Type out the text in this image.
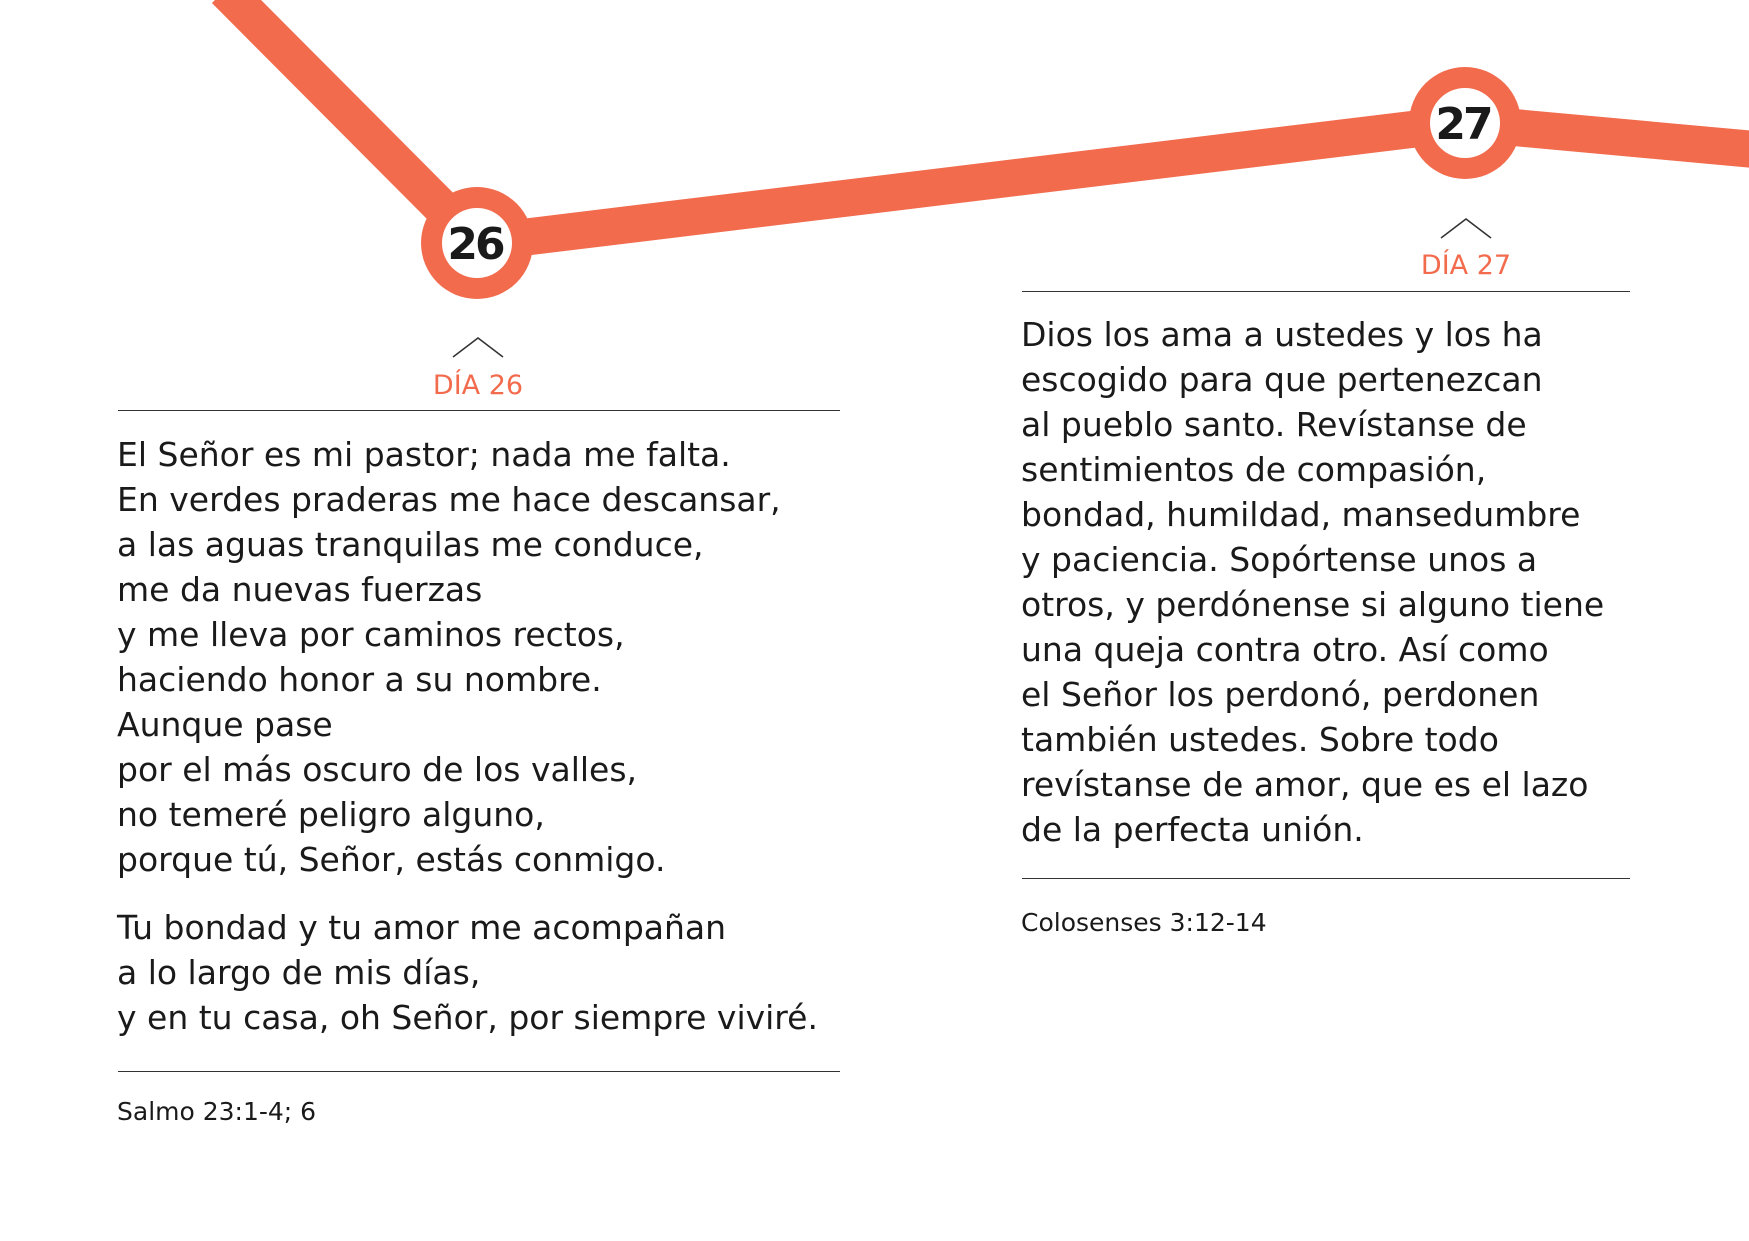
26
27
DÍA 26

El Señor es mi pastor; nada me falta.
En verdes praderas me hace descansar,
a las aguas tranquilas me conduce,
me da nuevas fuerzas
y me lleva por caminos rectos,
haciendo honor a su nombre.
Aunque pase
por el más oscuro de los valles,
no temeré peligro alguno,
porque tú, Señor, estás conmigo.

Tu bondad y tu amor me acompañan
a lo largo de mis días,
y en tu casa, oh Señor, por siempre viviré.

Salmo 23:1-4; 6
DÍA 27

Dios los ama a ustedes y los ha
escogido para que pertenezcan
al pueblo santo. Revístanse de
sentimientos de compasión,
bondad, humildad, mansedumbre
y paciencia. Sopórtense unos a
otros, y perdónense si alguno tiene
una queja contra otro. Así como
el Señor los perdonó, perdonen
también ustedes. Sobre todo
revístanse de amor, que es el lazo
de la perfecta unión.

Colosenses 3:12-14
